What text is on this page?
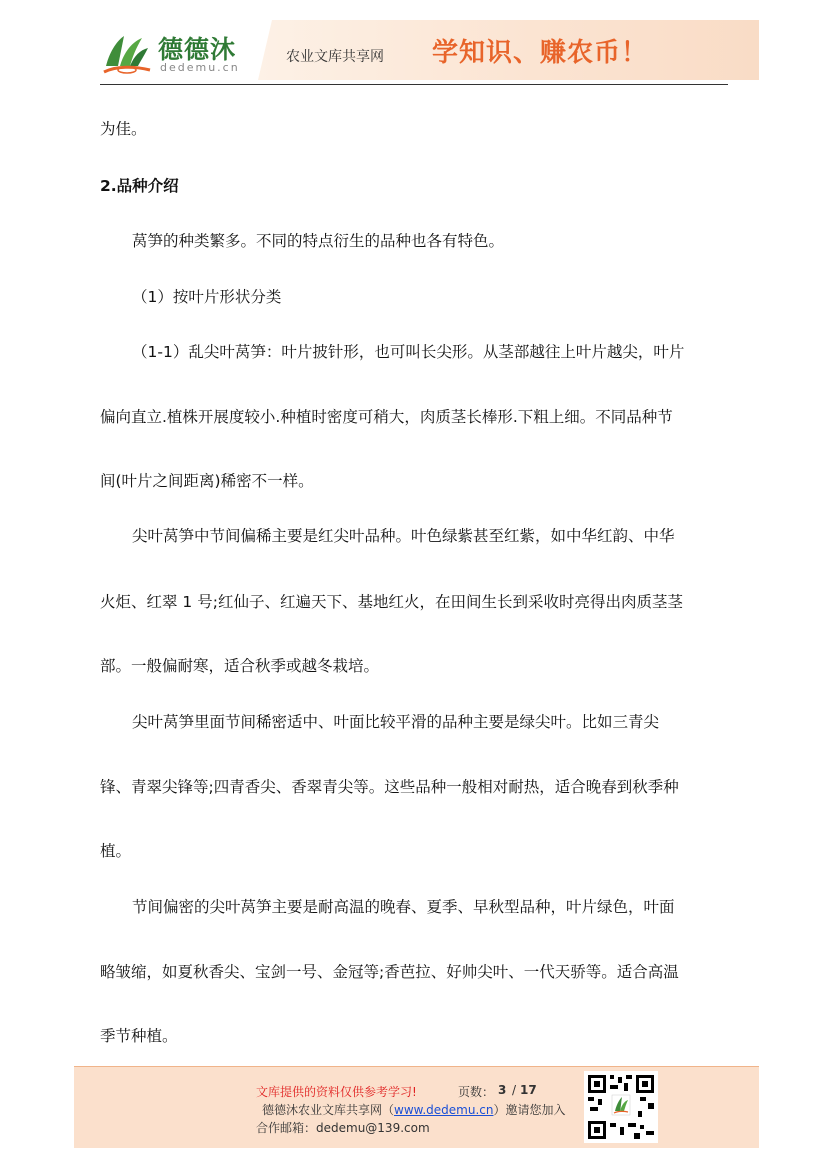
德德沐
dedemu.cn
农业文库共享网 学知识、赚农币！
为佳。
2.品种介绍
莴笋的种类繁多。不同的特点衍生的品种也各有特色。
（1）按叶片形状分类
（1-1）乱尖叶莴笋：叶片披针形，也可叫长尖形。从茎部越往上叶片越尖，叶片
偏向直立.植株开展度较小.种植时密度可稍大，肉质茎长棒形.下粗上细。不同品种节
间(叶片之间距离)稀密不一样。
尖叶莴笋中节间偏稀主要是红尖叶品种。叶色绿紫甚至红紫，如中华红韵、中华
火炬、红翠 1 号;红仙子、红遍天下、基地红火，在田间生长到采收时亮得出肉质茎茎
部。一般偏耐寒，适合秋季或越冬栽培。
尖叶莴笋里面节间稀密适中、叶面比较平滑的品种主要是绿尖叶。比如三青尖
锋、青翠尖锋等;四青香尖、香翠青尖等。这些品种一般相对耐热，适合晚春到秋季种
植。
节间偏密的尖叶莴笋主要是耐高温的晚春、夏季、早秋型品种，叶片绿色，叶面
略皱缩，如夏秋香尖、宝剑一号、金冠等;香芭拉、好帅尖叶、一代天骄等。适合高温
季节种植。
文库提供的资料仅供参考学习!	页数： 3 / 17
德德沐农业文库共享网（www.dedemu.cn）邀请您加入
合作邮箱：dedemu@139.com
